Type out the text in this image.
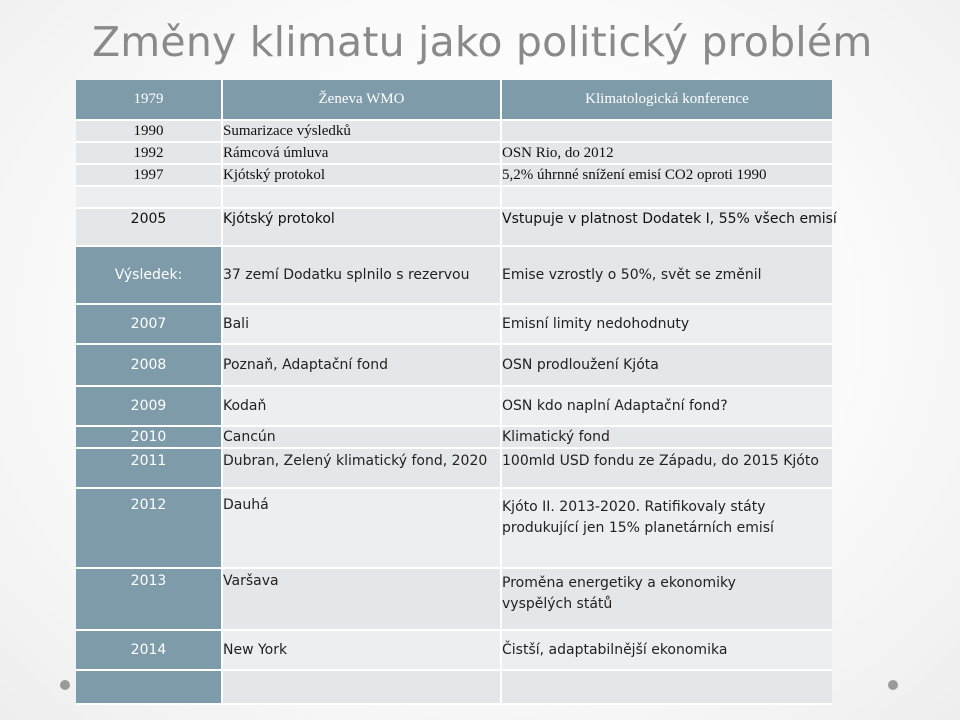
Změny klimatu jako politický problém
1979	Ženeva WMO	Klimatologická konference
1990	Sumarizace výsledků	
1992	Rámcová úmluva	OSN Rio, do 2012
1997	Kjótský protokol	5,2% úhrnné snížení emisí CO2 oproti 1990

2005	Kjótský protokol	Vstupuje v platnost Dodatek I, 55% všech emisí
Výsledek:	37 zemí Dodatku splnilo s rezervou	Emise vzrostly o 50%, svět se změnil
2007	Bali	Emisní limity nedohodnuty
2008	Poznaň, Adaptační fond	OSN prodloužení Kjóta
2009	Kodaň	OSN kdo naplní Adaptační fond?
2010	Cancún	Klimatický fond
2011	Dubran, Zelený klimatický fond, 2020	100mld USD fondu ze Západu, do 2015 Kjóto
2012	Dauhá	Kjóto II. 2013-2020. Ratifikovaly státy produkující jen 15% planetárních emisí

2013	Varšava	Proměna energetiky a ekonomiky vyspělých států

2014	New York	Čistší, adaptabilnější ekonomika
